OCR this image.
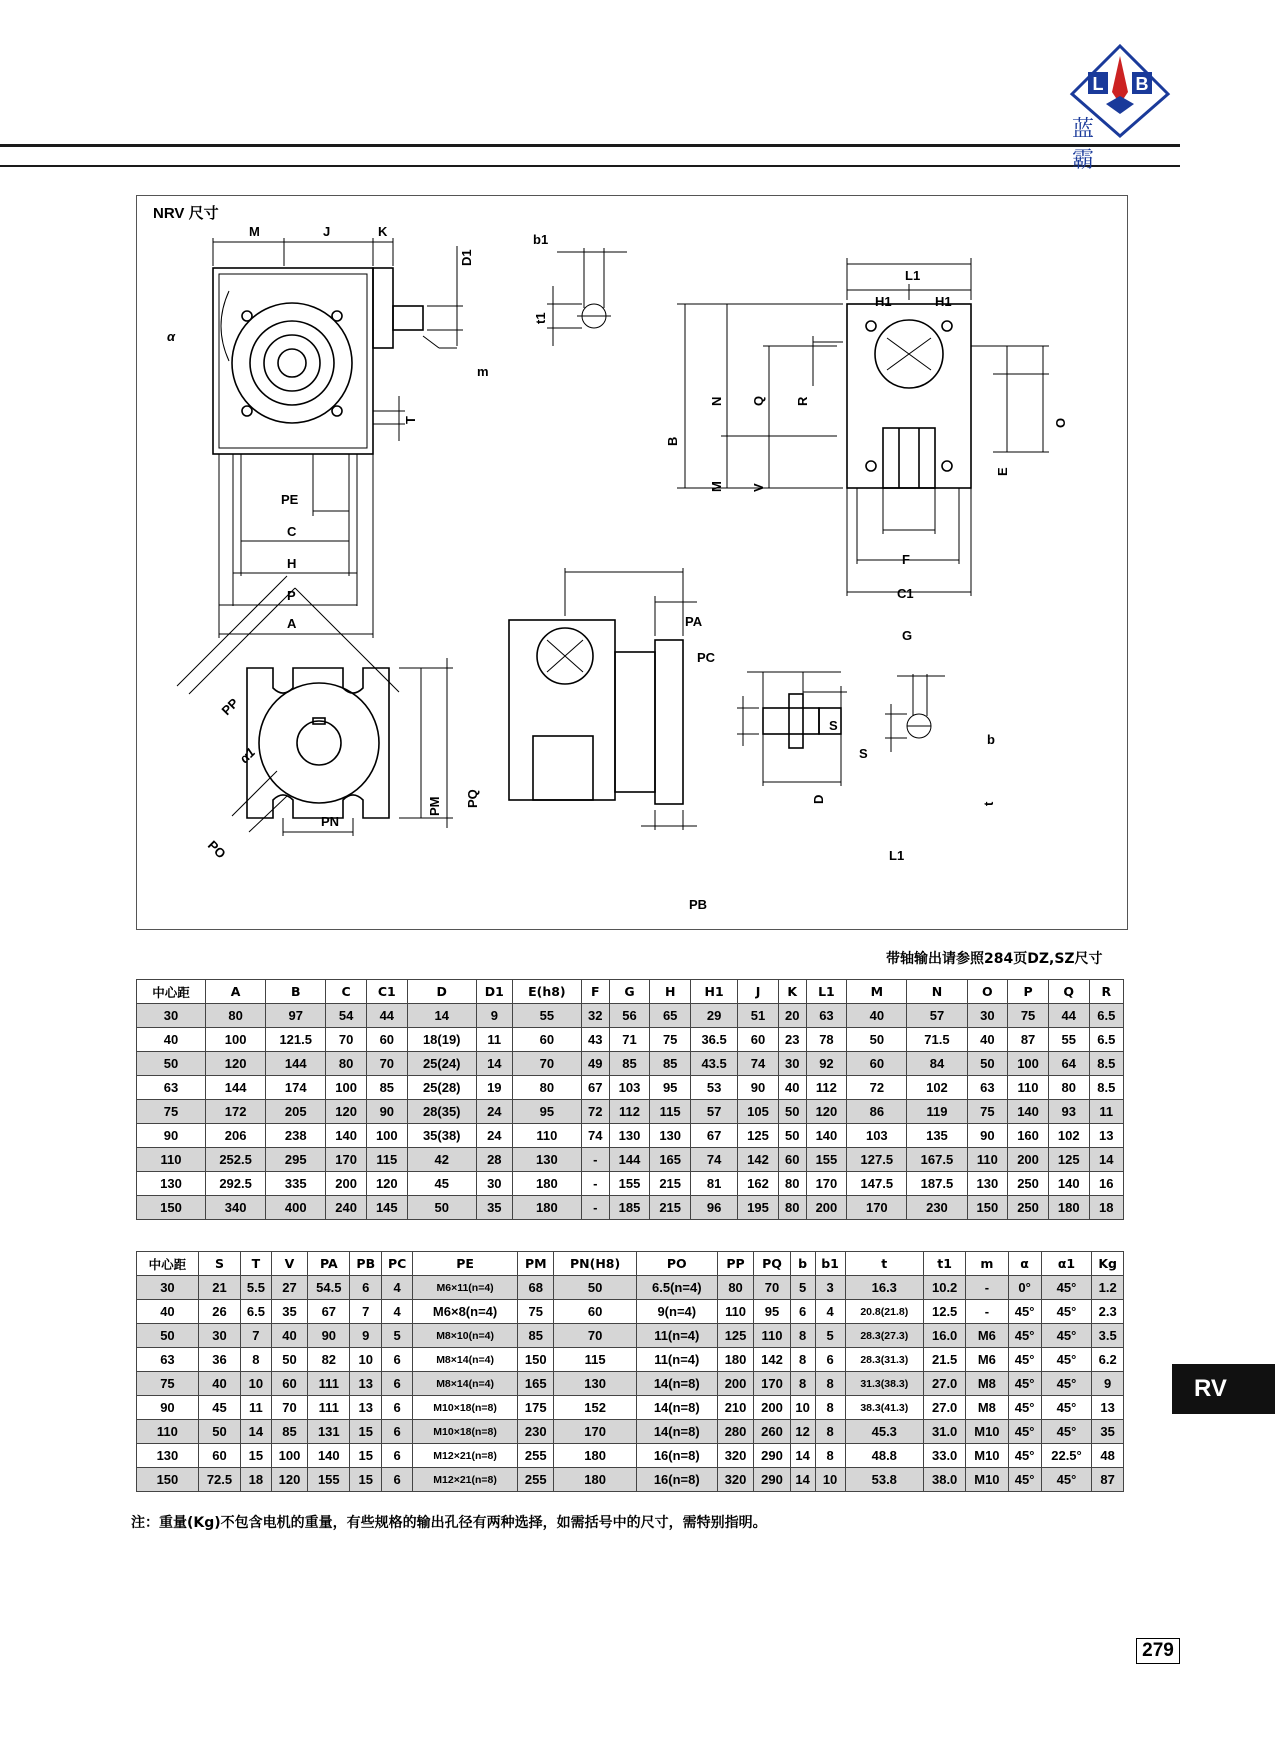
L B
蓝 霸
NRV 尺寸
M	J	K
D1
b1
t1
m
α
T
PE
C
H
P
A
L1
H1	H1
B
N Q R
M V
O
E
F
C1
G
PP
α1
PO
PM PQ
PN
PA
PC
PB
S
S
D
L1
b
t
带轴输出请参照284页DZ,SZ尺寸
中心距	A	B	C	C1	D	D1	E(h8)	F	G	H	H1	J	K	L1	M	N	O	P	Q	R
30	80	97	54	44	14	9	55	32	56	65	29	51	20	63	40	57	30	75	44	6.5
40	100	121.5	70	60	18(19)	11	60	43	71	75	36.5	60	23	78	50	71.5	40	87	55	6.5
50	120	144	80	70	25(24)	14	70	49	85	85	43.5	74	30	92	60	84	50	100	64	8.5
63	144	174	100	85	25(28)	19	80	67	103	95	53	90	40	112	72	102	63	110	80	8.5
75	172	205	120	90	28(35)	24	95	72	112	115	57	105	50	120	86	119	75	140	93	11
90	206	238	140	100	35(38)	24	110	74	130	130	67	125	50	140	103	135	90	160	102	13
110	252.5	295	170	115	42	28	130	-	144	165	74	142	60	155	127.5	167.5	110	200	125	14
130	292.5	335	200	120	45	30	180	-	155	215	81	162	80	170	147.5	187.5	130	250	140	16
150	340	400	240	145	50	35	180	-	185	215	96	195	80	200	170	230	150	250	180	18
中心距	S	T	V	PA	PB	PC	PE	PM	PN(H8)	PO	PP	PQ	b	b1	t	t1	m	α	α1	Kg
30	21	5.5	27	54.5	6	4	M6×11(n=4)	68	50	6.5(n=4)	80	70	5	3	16.3	10.2	-	0°	45°	1.2
40	26	6.5	35	67	7	4	M6×8(n=4)	75	60	9(n=4)	110	95	6	4	20.8(21.8)	12.5	-	45°	45°	2.3
50	30	7	40	90	9	5	M8×10(n=4)	85	70	11(n=4)	125	110	8	5	28.3(27.3)	16.0	M6	45°	45°	3.5
63	36	8	50	82	10	6	M8×14(n=4)	150	115	11(n=4)	180	142	8	6	28.3(31.3)	21.5	M6	45°	45°	6.2
75	40	10	60	111	13	6	M8×14(n=4)	165	130	14(n=8)	200	170	8	8	31.3(38.3)	27.0	M8	45°	45°	9
90	45	11	70	111	13	6	M10×18(n=8)	175	152	14(n=8)	210	200	10	8	38.3(41.3)	27.0	M8	45°	45°	13
110	50	14	85	131	15	6	M10×18(n=8)	230	170	14(n=8)	280	260	12	8	45.3	31.0	M10	45°	45°	35
130	60	15	100	140	15	6	M12×21(n=8)	255	180	16(n=8)	320	290	14	8	48.8	33.0	M10	45°	22.5°	48
150	72.5	18	120	155	15	6	M12×21(n=8)	255	180	16(n=8)	320	290	14	10	53.8	38.0	M10	45°	45°	87
注：重量(Kg)不包含电机的重量，有些规格的输出孔径有两种选择，如需括号中的尺寸，需特别指明。
RV
279
